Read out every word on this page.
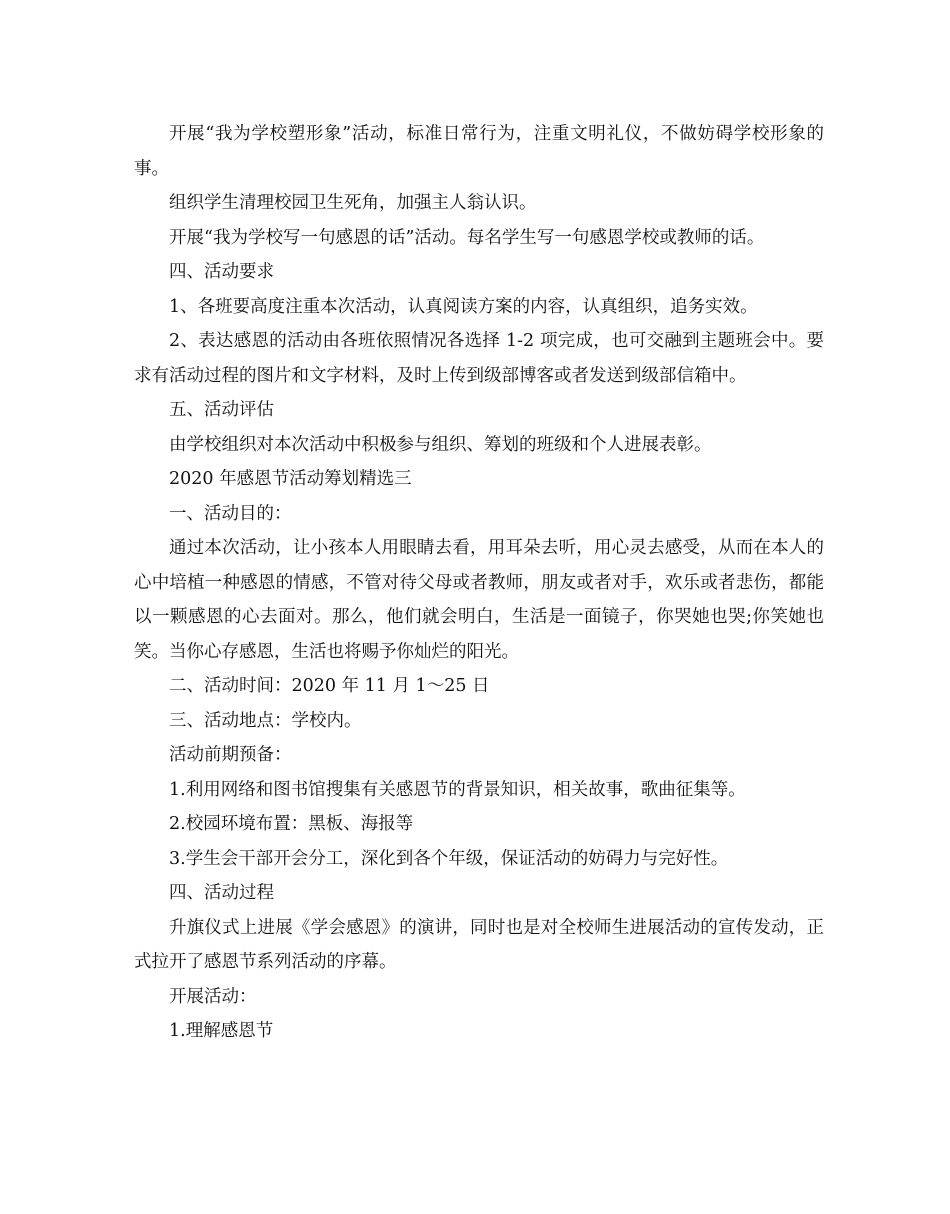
开展“我为学校塑形象”活动，标准日常行为，注重文明礼仪，不做妨碍学校形象的事。

组织学生清理校园卫生死角，加强主人翁认识。

开展“我为学校写一句感恩的话”活动。每名学生写一句感恩学校或教师的话。

四、活动要求

1、各班要高度注重本次活动，认真阅读方案的内容，认真组织，追务实效。

2、表达感恩的活动由各班依照情况各选择 1-2 项完成，也可交融到主题班会中。要求有活动过程的图片和文字材料，及时上传到级部博客或者发送到级部信箱中。

五、活动评估

由学校组织对本次活动中积极参与组织、筹划的班级和个人进展表彰。

2020 年感恩节活动筹划精选三

一、活动目的：

通过本次活动，让小孩本人用眼睛去看，用耳朵去听，用心灵去感受，从而在本人的心中培植一种感恩的情感，不管对待父母或者教师，朋友或者对手，欢乐或者悲伤，都能以一颗感恩的心去面对。那么，他们就会明白，生活是一面镜子，你哭她也哭;你笑她也笑。当你心存感恩，生活也将赐予你灿烂的阳光。

二、活动时间：2020 年 11 月 1～25 日

三、活动地点：学校内。

活动前期预备：

1.利用网络和图书馆搜集有关感恩节的背景知识，相关故事，歌曲征集等。

2.校园环境布置：黑板、海报等

3.学生会干部开会分工，深化到各个年级，保证活动的妨碍力与完好性。

四、活动过程

升旗仪式上进展《学会感恩》的演讲，同时也是对全校师生进展活动的宣传发动，正式拉开了感恩节系列活动的序幕。

开展活动：

1.理解感恩节
